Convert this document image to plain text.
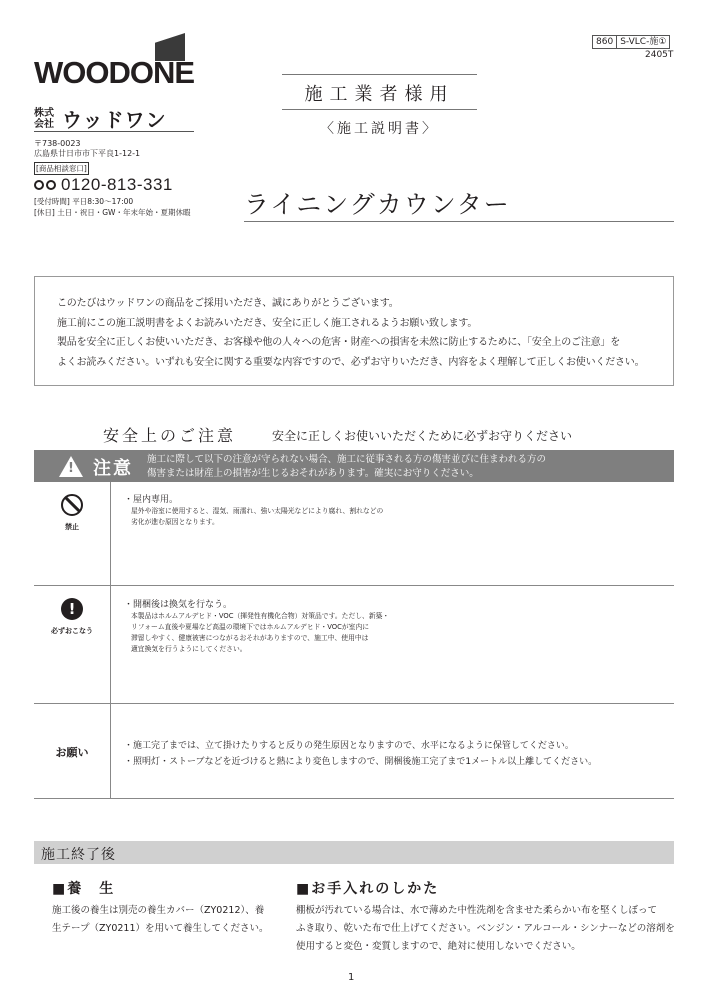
860 S-VLC-施①
2405T
WOODONE
株式会社 ウッドワン
〒738-0023
広島県廿日市市下平良1-12-1
[商品相談窓口]
0120-813-331
[受付時間] 平日8:30〜17:00
[休日] 土日・祝日・GW・年末年始・夏期休暇
施工業者様用
〈施工説明書〉
ライニングカウンター

このたびはウッドワンの商品をご採用いただき、誠にありがとうございます。

施工前にこの施工説明書をよくお読みいただき、安全に正しく施工されるようお願い致します。

製品を安全に正しくお使いいただき、お客様や他の人々への危害・財産への損害を未然に防止するために、「安全上のご注意」を

よくお読みください。いずれも安全に関する重要な内容ですので、必ずお守りいただき、内容をよく理解して正しくお使いください。

安全上のご注意	安全に正しくお使いいただくために必ずお守りください
! 注意 施工に際して以下の注意が守られない場合、施工に従事される方の傷害並びに住まわれる方の
傷害または財産上の損害が生じるおそれがあります。確実にお守りください。
禁止
・屋内専用。
屋外や浴室に使用すると、湿気、雨濡れ、強い太陽光などにより腐れ、割れなどの
劣化が進む原因となります。
!
必ずおこなう
・開梱後は換気を行なう。
本製品はホルムアルデヒド・VOC（揮発性有機化合物）対策品です。ただし、新築・
リフォーム直後や夏場など高温の環境下ではホルムアルデヒド・VOCが室内に
滞留しやすく、健康被害につながるおそれがありますので、施工中、使用中は
適宜換気を行うようにしてください。
お願い	・施工完了までは、立て掛けたりすると反りの発生原因となりますので、水平になるように保管してください。
・照明灯・ストーブなどを近づけると熱により変色しますので、開梱後施工完了まで1メートル以上離してください。
施工終了後
■養　生	■お手入れのしかた
施工後の養生は別売の養生カバー（ZY0212）、養
生テープ（ZY0211）を用いて養生してください。
棚板が汚れている場合は、水で薄めた中性洗剤を含ませた柔らかい布を堅くしぼって
ふき取り、乾いた布で仕上げてください。ベンジン・アルコール・シンナーなどの溶剤を
使用すると変色・変質しますので、絶対に使用しないでください。
1
